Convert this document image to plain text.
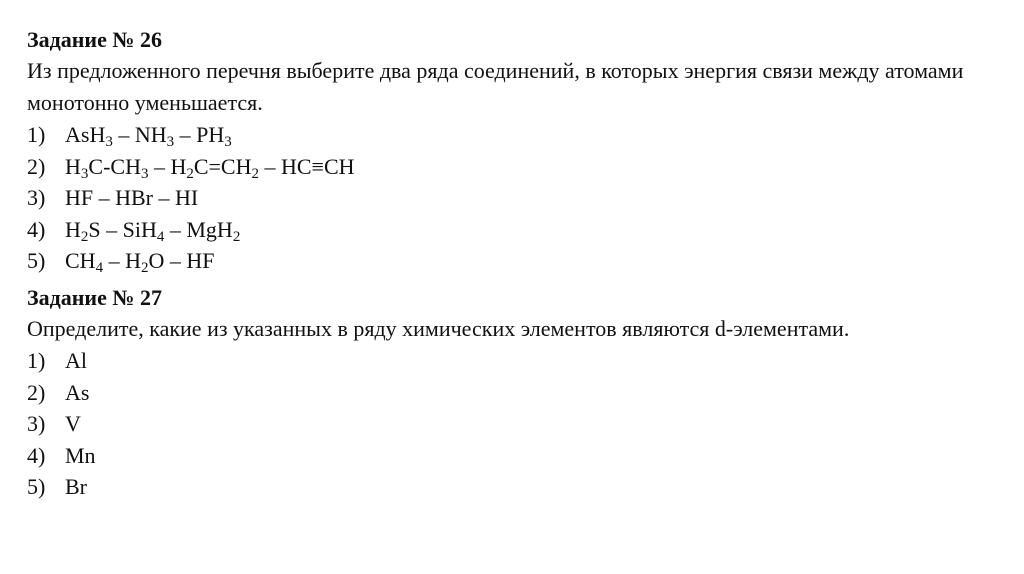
Задание № 26
Из предложенного перечня выберите два ряда соединений, в которых энергия связи между атомами монотонно уменьшается.
1) $AsH_3 - NH_3 - PH_3$
2) $H_3C-CH_3 - H_2C=CH_2 - HC\equiv CH$
3) HF – HBr – HI
4) $H_2S - SiH_4 - MgH_2$
5) $CH_4 - H_2O$ – HF
Задание № 27
Определите, какие из указанных в ряду химических элементов являются d-элементами.
1) Al
2) As
3) V
4) Mn
5) Br
